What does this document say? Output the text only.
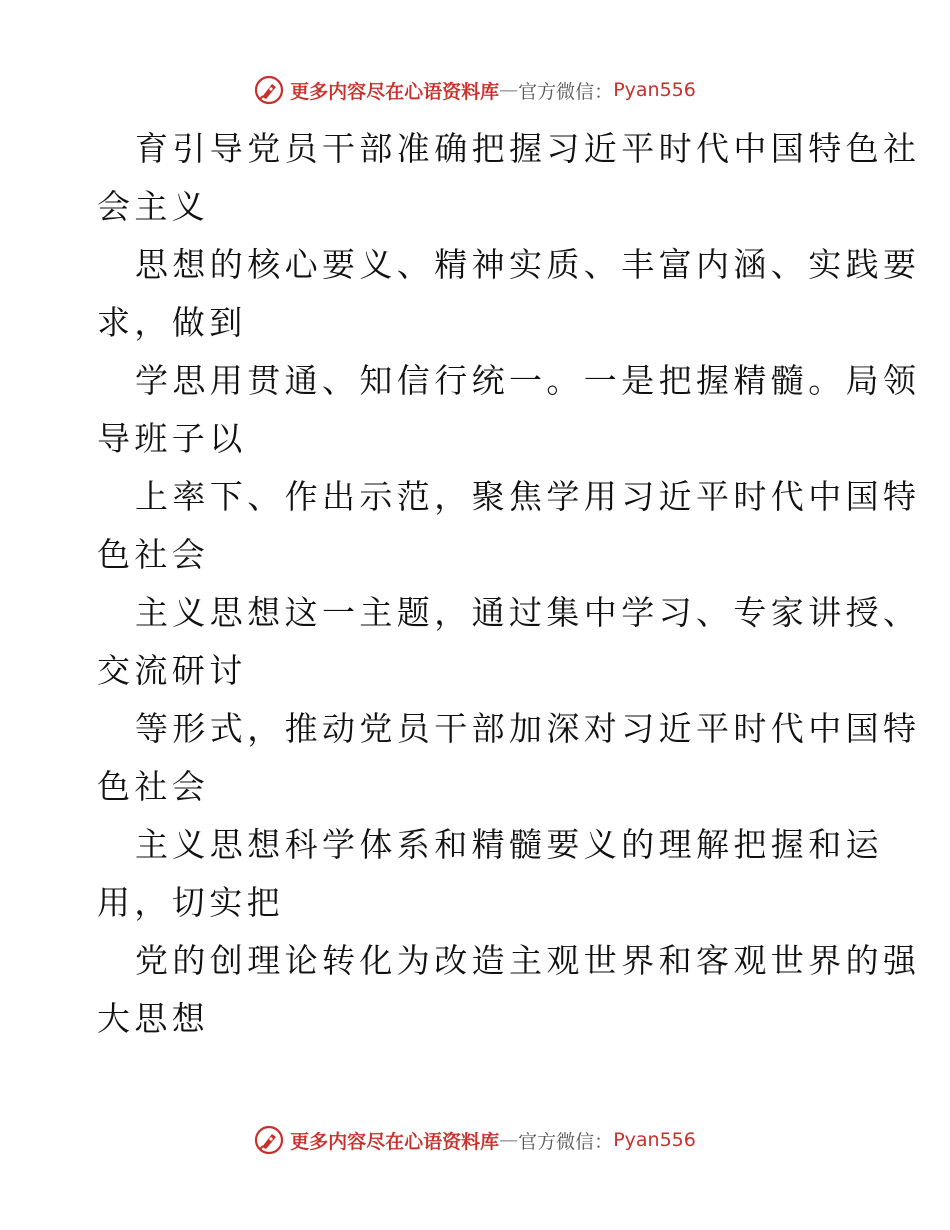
更多内容尽在心语资料库 — 官方微信： Pyan556
育引导党员干部准确把握习近平时代中国特色社
会主义
思想的核心要义、精神实质、丰富内涵、实践要
求，做到
学思用贯通、知信行统一。一是把握精髓。局领
导班子以
上率下、作出示范，聚焦学用习近平时代中国特
色社会
主义思想这一主题，通过集中学习、专家讲授、
交流研讨
等形式，推动党员干部加深对习近平时代中国特
色社会
主义思想科学体系和精髓要义的理解把握和运
用，切实把
党的创理论转化为改造主观世界和客观世界的强
大思想
更多内容尽在心语资料库 — 官方微信： Pyan556
